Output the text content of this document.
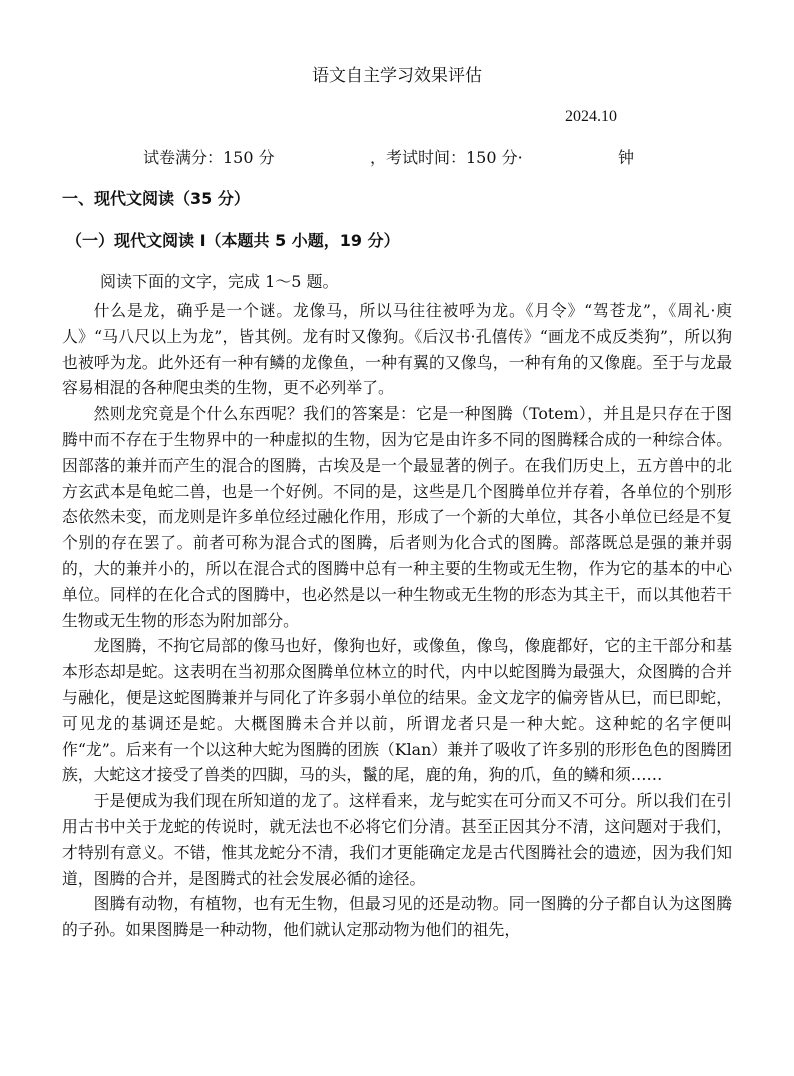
语文自主学习效果评估
2024.10
试卷满分：150 分	，考试时间：150 分·	钟
一、现代文阅读（35 分）
（一）现代文阅读 I（本题共 5 小题，19 分）
阅读下面的文字，完成 1～5 题。

什么是龙，确乎是一个谜。龙像马，所以马往往被呼为龙。《月令》“驾苍龙”，《周礼·庾人》“马八尺以上为龙”，皆其例。龙有时又像狗。《后汉书·孔僖传》“画龙不成反类狗”，所以狗也被呼为龙。此外还有一种有鳞的龙像鱼，一种有翼的又像鸟，一种有角的又像鹿。至于与龙最容易相混的各种爬虫类的生物，更不必列举了。

然则龙究竟是个什么东西呢？我们的答案是：它是一种图腾（Totem），并且是只存在于图腾中而不存在于生物界中的一种虚拟的生物，因为它是由许多不同的图腾糅合成的一种综合体。因部落的兼并而产生的混合的图腾，古埃及是一个最显著的例子。在我们历史上，五方兽中的北方玄武本是龟蛇二兽，也是一个好例。不同的是，这些是几个图腾单位并存着，各单位的个别形态依然未变，而龙则是许多单位经过融化作用，形成了一个新的大单位，其各小单位已经是不复个别的存在罢了。前者可称为混合式的图腾，后者则为化合式的图腾。部落既总是强的兼并弱的，大的兼并小的，所以在混合式的图腾中总有一种主要的生物或无生物，作为它的基本的中心单位。同样的在化合式的图腾中，也必然是以一种生物或无生物的形态为其主干，而以其他若干生物或无生物的形态为附加部分。

龙图腾，不拘它局部的像马也好，像狗也好，或像鱼，像鸟，像鹿都好，它的主干部分和基本形态却是蛇。这表明在当初那众图腾单位林立的时代，内中以蛇图腾为最强大，众图腾的合并与融化，便是这蛇图腾兼并与同化了许多弱小单位的结果。金文龙字的偏旁皆从巳，而巳即蛇，可见龙的基调还是蛇。大概图腾未合并以前，所谓龙者只是一种大蛇。这种蛇的名字便叫作“龙”。后来有一个以这种大蛇为图腾的团族（Klan）兼并了吸收了许多别的形形色色的图腾团族，大蛇这才接受了兽类的四脚，马的头，鬣的尾，鹿的角，狗的爪，鱼的鳞和须……

于是便成为我们现在所知道的龙了。这样看来，龙与蛇实在可分而又不可分。所以我们在引用古书中关于龙蛇的传说时，就无法也不必将它们分清。甚至正因其分不清，这问题对于我们，才特别有意义。不错，惟其龙蛇分不清，我们才更能确定龙是古代图腾社会的遗迹，因为我们知道，图腾的合并，是图腾式的社会发展必循的途径。

图腾有动物，有植物，也有无生物，但最习见的还是动物。同一图腾的分子都自认为这图腾的子孙。如果图腾是一种动物，他们就认定那动物为他们的祖先，
